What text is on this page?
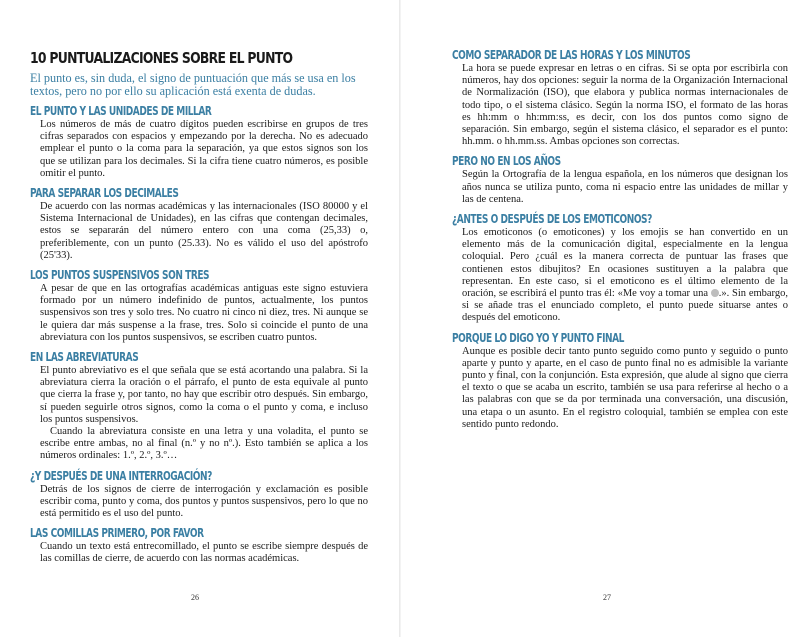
10 PUNTUALIZACIONES SOBRE EL PUNTO
El punto es, sin duda, el signo de puntuación que más se usa en los textos, pero no por ello su aplicación está exenta de dudas.
EL PUNTO Y LAS UNIDADES DE MILLAR
Los números de más de cuatro dígitos pueden escribirse en grupos de tres cifras separados con espacios y empezando por la derecha. No es adecuado emplear el punto o la coma para la separación, ya que estos signos son los que se utilizan para los decimales. Si la cifra tiene cuatro números, es posible omitir el punto.
PARA SEPARAR LOS DECIMALES
De acuerdo con las normas académicas y las internacionales (ISO 80000 y el Sistema Internacional de Unidades), en las cifras que contengan decimales, estos se separarán del número entero con una coma (25,33) o, preferiblemente, con un punto (25.33). No es válido el uso del apóstrofo (25'33).
LOS PUNTOS SUSPENSIVOS SON TRES
A pesar de que en las ortografías académicas antiguas este signo estuviera formado por un número indefinido de puntos, actualmente, los puntos suspensivos son tres y solo tres. No cuatro ni cinco ni diez, tres. Ni aunque se le quiera dar más suspense a la frase, tres. Solo si coincide el punto de una abreviatura con los puntos suspensivos, se escriben cuatro puntos.
EN LAS ABREVIATURAS
El punto abreviativo es el que señala que se está acortando una palabra. Si la abreviatura cierra la oración o el párrafo, el punto de esta equivale al punto que cierra la frase y, por tanto, no hay que escribir otro después. Sin embargo, sí pueden seguirle otros signos, como la coma o el punto y coma, e incluso los puntos suspensivos.
Cuando la abreviatura consiste en una letra y una voladita, el punto se escribe entre ambas, no al final (n.º y no nº.). Esto también se aplica a los números ordinales: 1.º, 2.º, 3.º…
¿Y DESPUÉS DE UNA INTERROGACIÓN?
Detrás de los signos de cierre de interrogación y exclamación es posible escribir coma, punto y coma, dos puntos y puntos suspensivos, pero lo que no está permitido es el uso del punto.
LAS COMILLAS PRIMERO, POR FAVOR
Cuando un texto está entrecomillado, el punto se escribe siempre después de las comillas de cierre, de acuerdo con las normas académicas.
26
COMO SEPARADOR DE LAS HORAS Y LOS MINUTOS
La hora se puede expresar en letras o en cifras. Si se opta por escribirla con números, hay dos opciones: seguir la norma de la Organización Internacional de Normalización (ISO), que elabora y publica normas internacionales de todo tipo, o el sistema clásico. Según la norma ISO, el formato de las horas es hh:mm o hh:mm:ss, es decir, con los dos puntos como signo de separación. Sin embargo, según el sistema clásico, el separador es el punto: hh.mm. o hh.mm.ss. Ambas opciones son correctas.
PERO NO EN LOS AÑOS
Según la Ortografía de la lengua española, en los números que designan los años nunca se utiliza punto, coma ni espacio entre las unidades de millar y las de centena.
¿ANTES O DESPUÉS DE LOS EMOTICONOS?
Los emoticonos (o emoticones) y los emojis se han convertido en un elemento más de la comunicación digital, especialmente en la lengua coloquial. Pero ¿cuál es la manera correcta de puntuar las frases que contienen estos dibujitos? En ocasiones sustituyen a la palabra que representan. En este caso, si el emoticono es el último elemento de la oración, se escribirá el punto tras él: «Me voy a tomar una .». Sin embargo, si se añade tras el enunciado completo, el punto puede situarse antes o después del emoticono.
PORQUE LO DIGO YO Y PUNTO FINAL
Aunque es posible decir tanto punto seguido como punto y seguido o punto aparte y punto y aparte, en el caso de punto final no es admisible la variante punto y final, con la conjunción. Esta expresión, que alude al signo que cierra el texto o que se acaba un escrito, también se usa para referirse al hecho o a las palabras con que se da por terminada una conversación, una discusión, una etapa o un asunto. En el registro coloquial, también se emplea con este sentido punto redondo.
27
